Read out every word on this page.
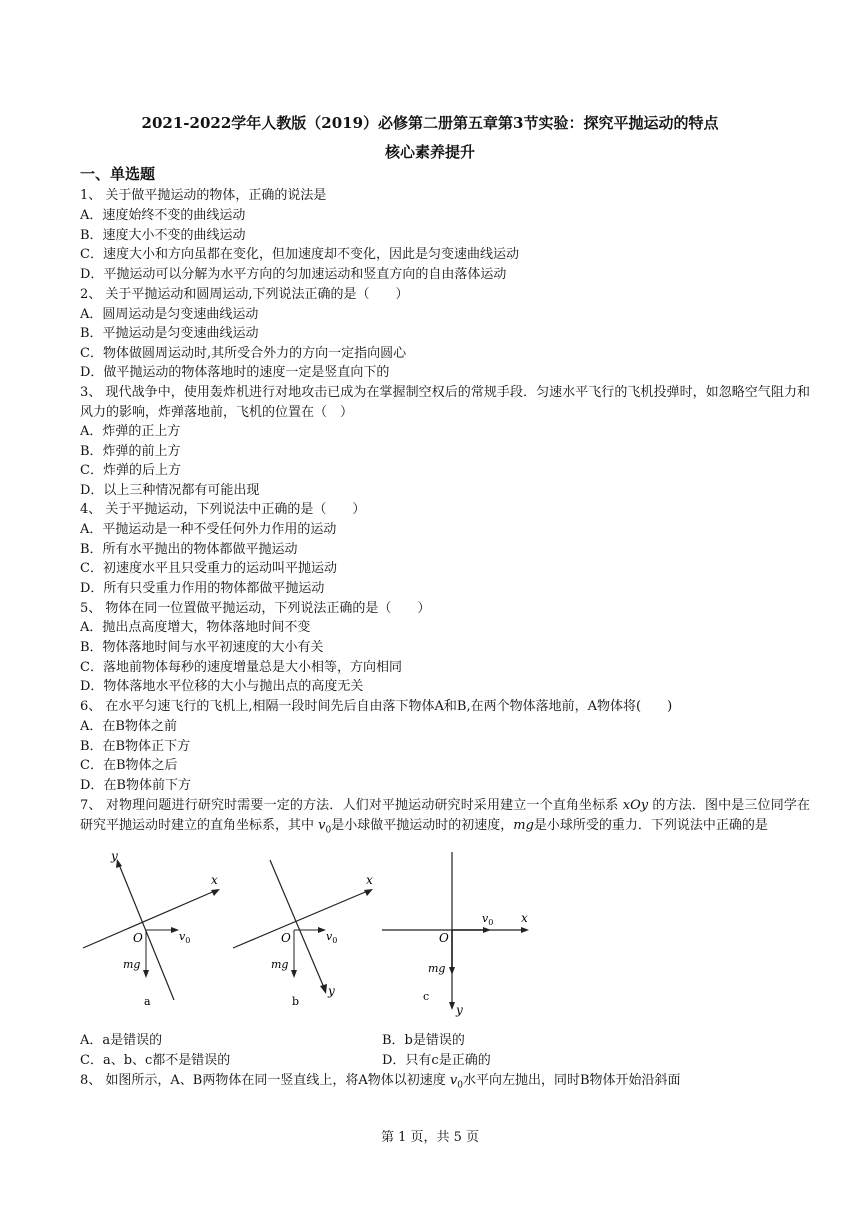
2021-2022学年人教版（2019）必修第二册第五章第3节实验：探究平抛运动的特点
核心素养提升
一、单选题
1、 关于做平抛运动的物体，正确的说法是
A．速度始终不变的曲线运动
B．速度大小不变的曲线运动
C．速度大小和方向虽都在变化，但加速度却不变化，因此是匀变速曲线运动
D．平抛运动可以分解为水平方向的匀加速运动和竖直方向的自由落体运动
2、 关于平抛运动和圆周运动,下列说法正确的是（　　）
A．圆周运动是匀变速曲线运动
B．平抛运动是匀变速曲线运动
C．物体做圆周运动时,其所受合外力的方向一定指向圆心
D．做平抛运动的物体落地时的速度一定是竖直向下的
3、 现代战争中，使用轰炸机进行对地攻击已成为在掌握制空权后的常规手段．匀速水平飞行的飞机投弹时，如忽略空气阻力和风力的影响，炸弹落地前，飞机的位置在（　）
A．炸弹的正上方
B．炸弹的前上方
C．炸弹的后上方
D．以上三种情况都有可能出现
4、 关于平抛运动，下列说法中正确的是（　　）
A．平抛运动是一种不受任何外力作用的运动
B．所有水平抛出的物体都做平抛运动
C．初速度水平且只受重力的运动叫平抛运动
D．所有只受重力作用的物体都做平抛运动
5、 物体在同一位置做平抛运动，下列说法正确的是（　　）
A．抛出点高度增大，物体落地时间不变
B．物体落地时间与水平初速度的大小有关
C．落地前物体每秒的速度增量总是大小相等，方向相同
D．物体落地水平位移的大小与抛出点的高度无关
6、 在水平匀速飞行的飞机上,相隔一段时间先后自由落下物体A和B,在两个物体落地前，A物体将(　　)
A．在B物体之前
B．在B物体正下方
C．在B物体之后
D．在B物体前下方
7、 对物理问题进行研究时需要一定的方法．人们对平抛运动研究时采用建立一个直角坐标系 xOy 的方法．图中是三位同学在研究平抛运动时建立的直角坐标系，其中 $v_0$是小球做平抛运动时的初速度，mg是小球所受的重力．下列说法中正确的是
x
y
O	$v_0$
mg
a
x
y
O	$v_0$
mg
b
x
y
O
$v_0$
mg
c
A．a是错误的	B．b是错误的
C．a、b、c都不是错误的	D．只有c是正确的
8、 如图所示，A、B两物体在同一竖直线上，将A物体以初速度 $v_0$水平向左抛出，同时B物体开始沿斜面
第 1 页，共 5 页
